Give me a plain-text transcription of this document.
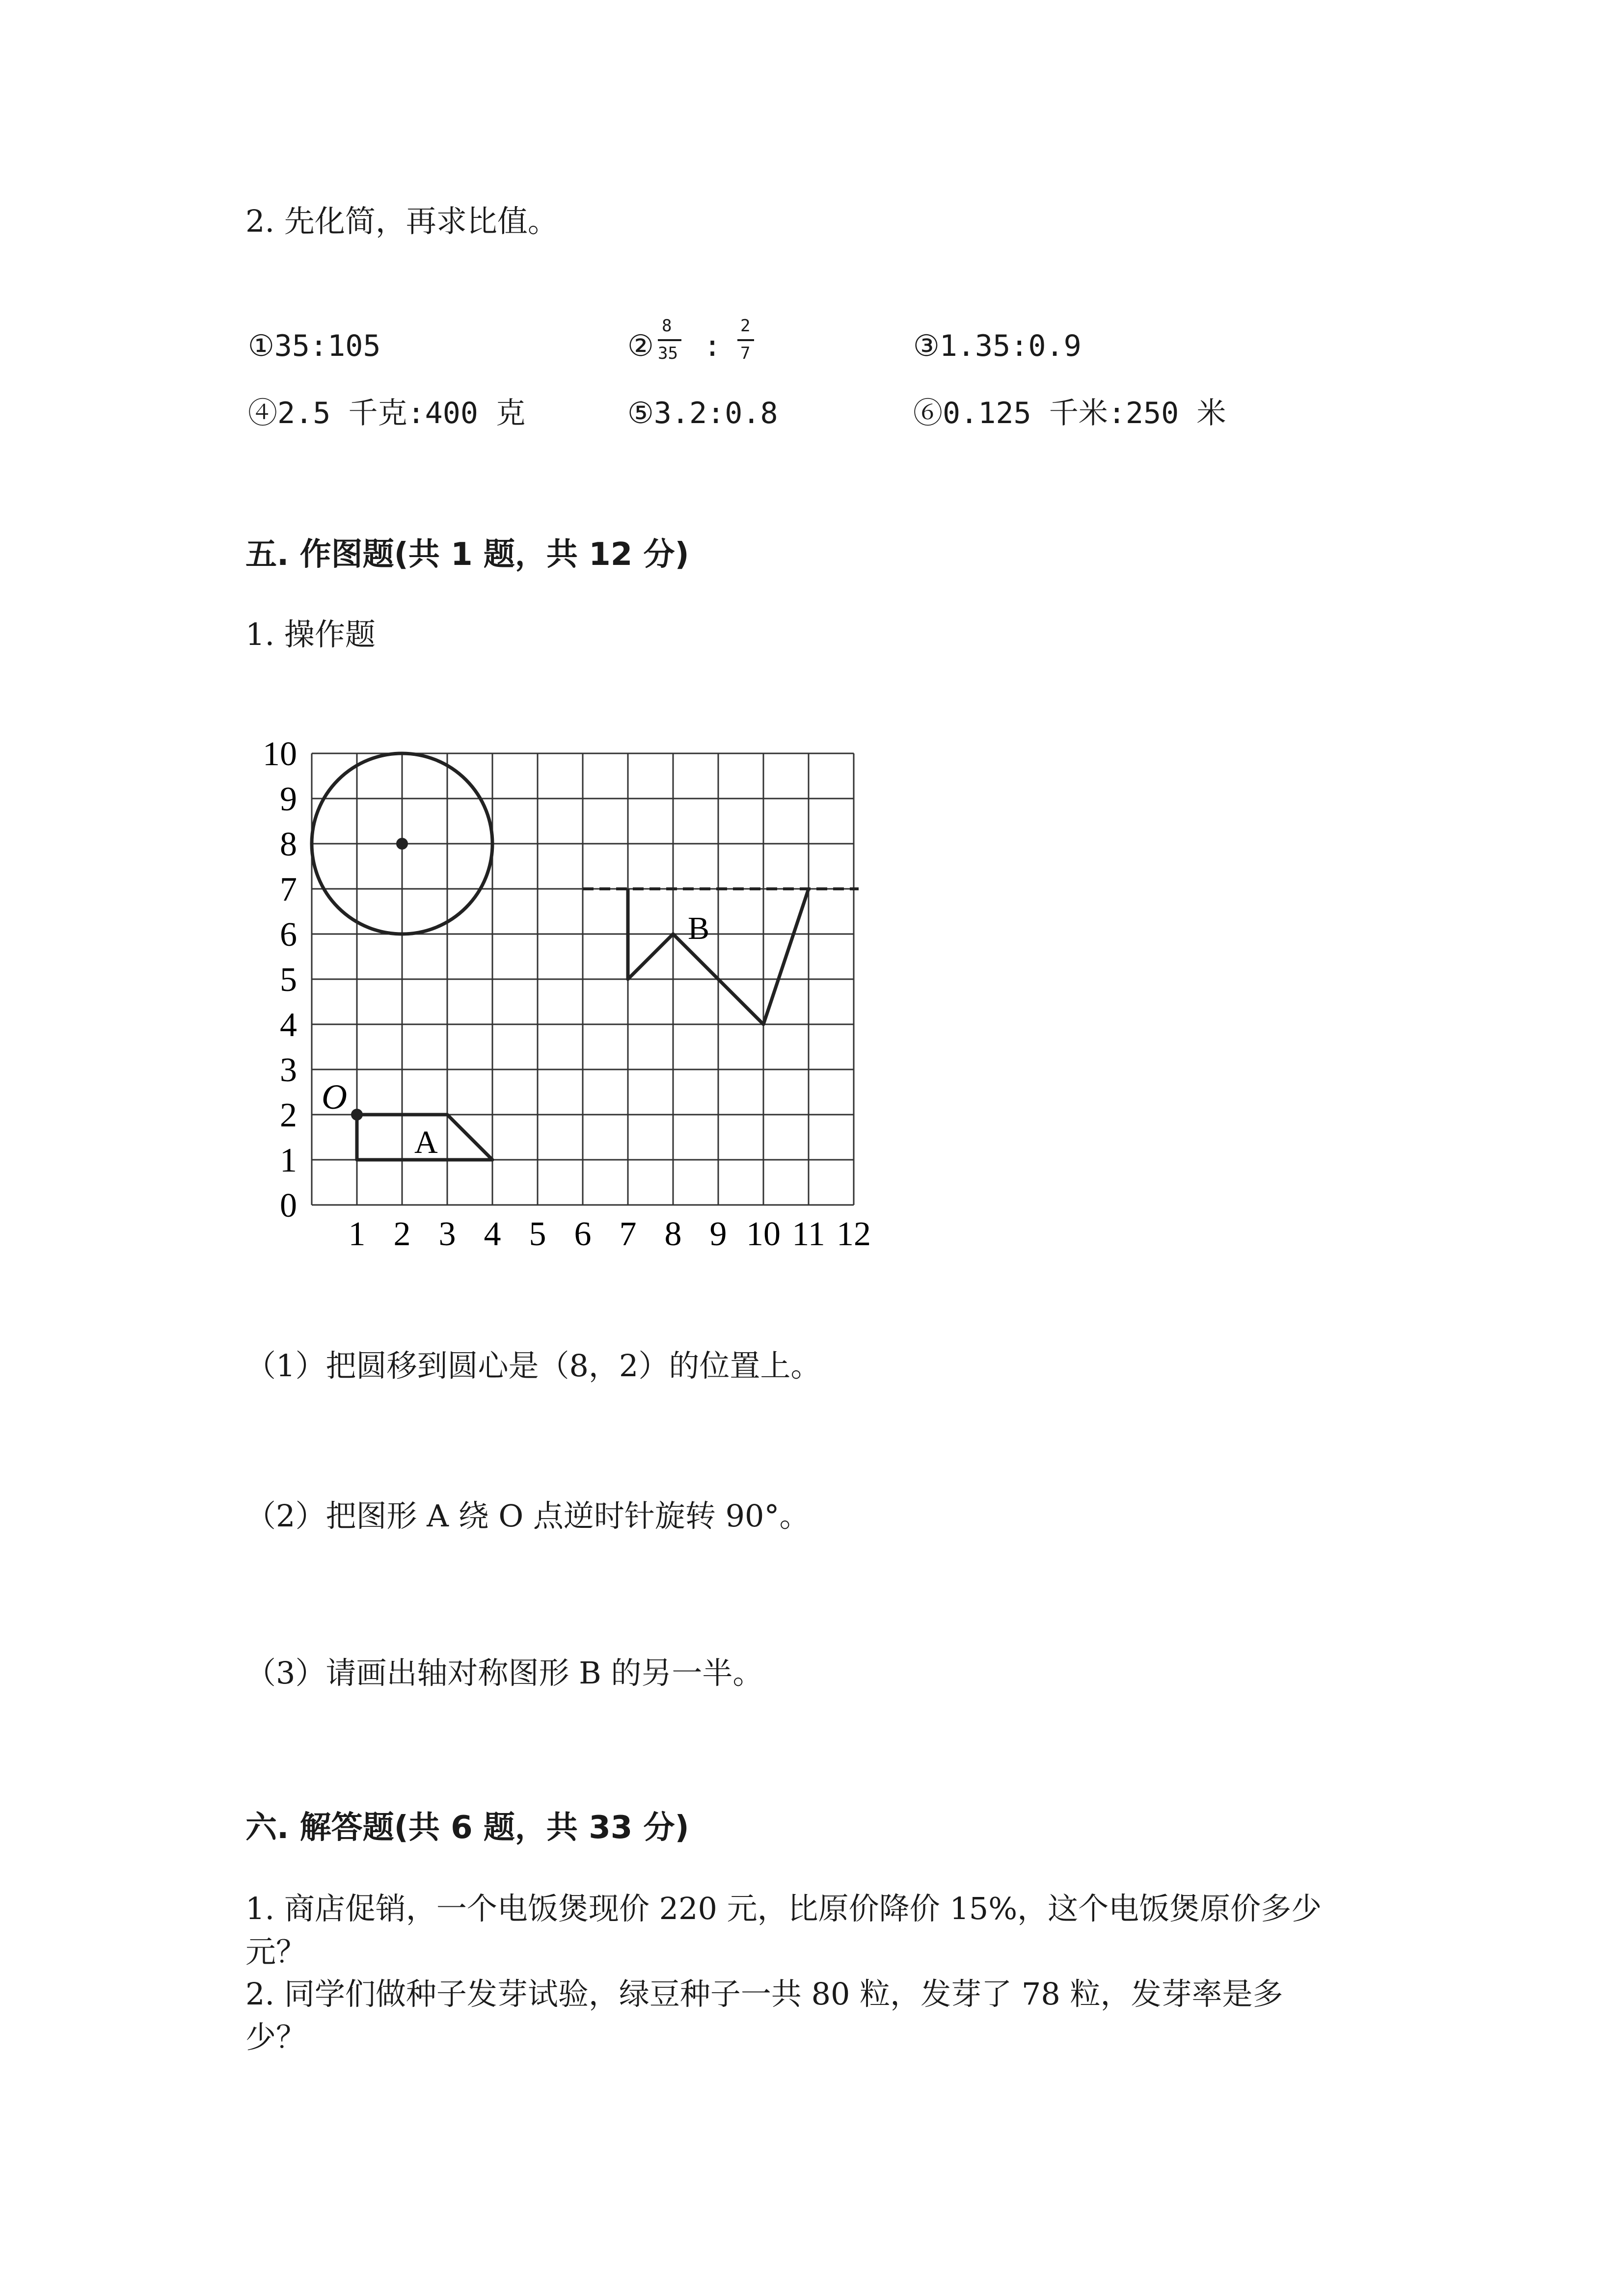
2. 先化简，再求比值。
①35:105	②
8
35 :
2
7	③1.35:0.9
④2.5 千克:400 克	⑤3.2:0.8	⑥0.125 千米:250 米
五. 作图题(共 1 题，共 12 分)
1. 操作题
0
1
2
3
4
5
6
7
8
9
10
1 2 3 4 5 6 7 8 9 10 11 12
O
A
B
（1）把圆移到圆心是（8，2）的位置上。
（2）把图形 A 绕 O 点逆时针旋转 90°。
（3）请画出轴对称图形 B 的另一半。
六. 解答题(共 6 题，共 33 分)
1. 商店促销，一个电饭煲现价 220 元，比原价降价 15%，这个电饭煲原价多少
元？
2. 同学们做种子发芽试验，绿豆种子一共 80 粒，发芽了 78 粒，发芽率是多
少？
